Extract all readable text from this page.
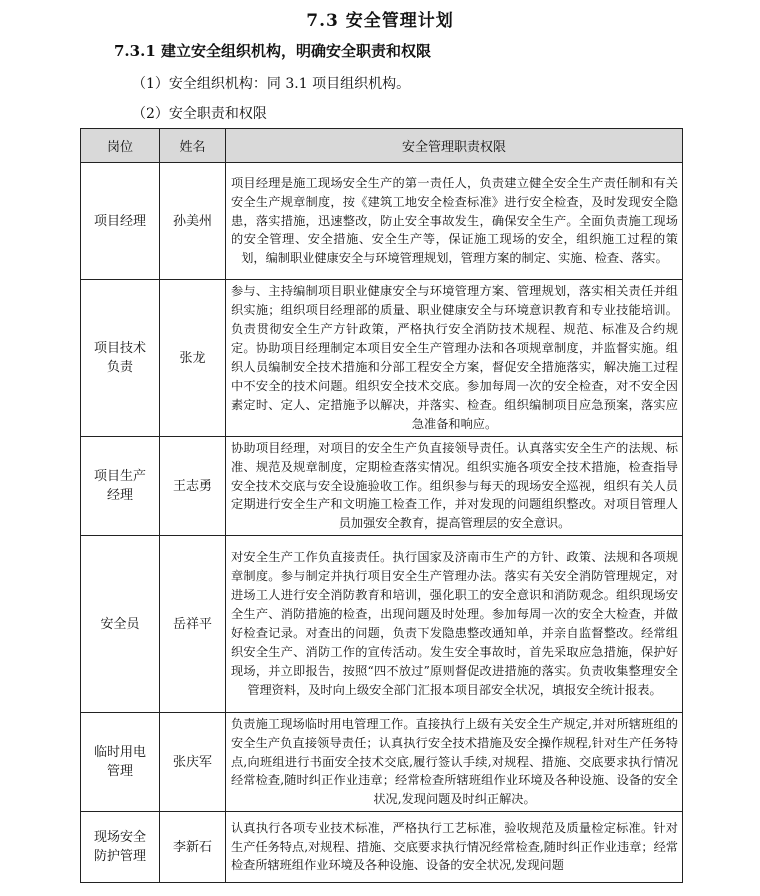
7.3 安全管理计划
7.3.1 建立安全组织机构，明确安全职责和权限
（1）安全组织机构：同 3.1 项目组织机构。
（2）安全职责和权限
岗位	姓名	安全管理职责权限
项目经理	孙美州	项目经理是施工现场安全生产的第一责任人，负责建立健全安全生产责任制和有关安全生产规章制度，按《建筑工地安全检查标准》进行安全检查，及时发现安全隐患，落实措施，迅速整改，防止安全事故发生，确保安全生产。全面负责施工现场的安全管理、安全措施、安全生产等，保证施工现场的安全，组织施工过程的策划，编制职业健康安全与环境管理规划，管理方案的制定、实施、检查、落实。
项目技术负责	张龙	参与、主持编制项目职业健康安全与环境管理方案、管理规划，落实相关责任并组织实施；组织项目经理部的质量、职业健康安全与环境意识教育和专业技能培训。负责贯彻安全生产方针政策，严格执行安全消防技术规程、规范、标准及合约规定。协助项目经理制定本项目安全生产管理办法和各项规章制度，并监督实施。组织人员编制安全技术措施和分部工程安全方案，督促安全措施落实，解决施工过程中不安全的技术问题。组织安全技术交底。参加每周一次的安全检查，对不安全因素定时、定人、定措施予以解决，并落实、检查。组织编制项目应急预案，落实应急准备和响应。
项目生产经理	王志勇	协助项目经理，对项目的安全生产负直接领导责任。认真落实安全生产的法规、标准、规范及规章制度，定期检查落实情况。组织实施各项安全技术措施，检查指导安全技术交底与安全设施验收工作。组织参与每天的现场安全巡视，组织有关人员定期进行安全生产和文明施工检查工作，并对发现的问题组织整改。对项目管理人员加强安全教育，提高管理层的安全意识。
安全员	岳祥平	对安全生产工作负直接责任。执行国家及济南市生产的方针、政策、法规和各项规章制度。参与制定并执行项目安全生产管理办法。落实有关安全消防管理规定，对进场工人进行安全消防教育和培训，强化职工的安全意识和消防观念。组织现场安全生产、消防措施的检查，出现问题及时处理。参加每周一次的安全大检查，并做好检查记录。对查出的问题，负责下发隐患整改通知单，并亲自监督整改。经常组织安全生产、消防工作的宣传活动。发生安全事故时，首先采取应急措施，保护好现场，并立即报告，按照“四不放过”原则督促改进措施的落实。负责收集整理安全管理资料，及时向上级安全部门汇报本项目部安全状况，填报安全统计报表。
临时用电管理	张庆军	负责施工现场临时用电管理工作。直接执行上级有关安全生产规定,并对所辖班组的安全生产负直接领导责任；认真执行安全技术措施及安全操作规程,针对生产任务特点,向班组进行书面安全技术交底,履行签认手续,对规程、措施、交底要求执行情况经常检查,随时纠正作业违章；经常检查所辖班组作业环境及各种设施、设备的安全状况,发现问题及时纠正解决。
现场安全防护管理	李新石	认真执行各项专业技术标准，严格执行工艺标准，验收规范及质量检定标准。针对生产任务特点,对规程、措施、交底要求执行情况经常检查,随时纠正作业违章；经常检查所辖班组作业环境及各种设施、设备的安全状况,发现问题
